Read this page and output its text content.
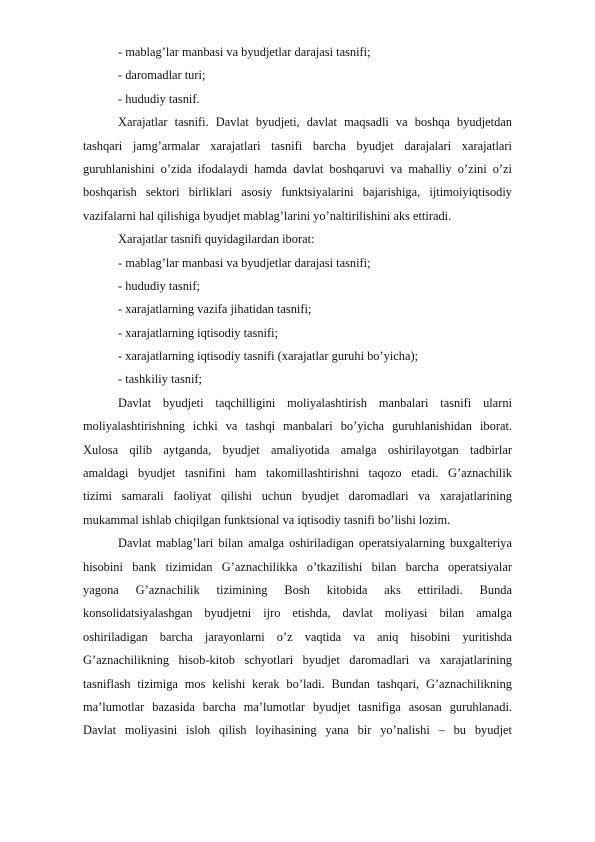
- mablag’lar manbasi va byudjetlar darajasi tasnifi;
- daromadlar turi;
- hududiy tasnif.
Xarajatlar tasnifi. Davlat byudjeti, davlat maqsadli va boshqa byudjetdan
tashqari jamg’armalar xarajatlari tasnifi barcha byudjet darajalari xarajatlari
guruhlanishini o’zida ifodalaydi hamda davlat boshqaruvi va mahalliy o’zini o’zi
boshqarish sektori birliklari asosiy funktsiyalarini bajarishiga, ijtimoiyiqtisodiy
vazifalarni hal qilishiga byudjet mablag’larini yo’naltirilishini aks ettiradi.
Xarajatlar tasnifi quyidagilardan iborat:
- mablag’lar manbasi va byudjetlar darajasi tasnifi;
- hududiy tasnif;
- xarajatlarning vazifa jihatidan tasnifi;
- xarajatlarning iqtisodiy tasnifi;
- xarajatlarning iqtisodiy tasnifi (xarajatlar guruhi bo’yicha);
- tashkiliy tasnif;
Davlat byudjeti taqchilligini moliyalashtirish manbalari tasnifi ularni
moliyalashtirishning ichki va tashqi manbalari bo’yicha guruhlanishidan iborat.
Xulosa qilib aytganda, byudjet amaliyotida amalga oshirilayotgan tadbirlar
amaldagi byudjet tasnifini ham takomillashtirishni taqozo etadi. G’aznachilik
tizimi samarali faoliyat qilishi uchun byudjet daromadlari va xarajatlarining
mukammal ishlab chiqilgan funktsional va iqtisodiy tasnifi bo’lishi lozim.
Davlat mablag’lari bilan amalga oshiriladigan operatsiyalarning buxgalteriya
hisobini bank tizimidan G’aznachilikka o’tkazilishi bilan barcha operatsiyalar
yagona G’aznachilik tizimining Bosh kitobida aks ettiriladi. Bunda
konsolidatsiyalashgan byudjetni ijro etishda, davlat moliyasi bilan amalga
oshiriladigan barcha jarayonlarni o’z vaqtida va aniq hisobini yuritishda
G’aznachilikning hisob-kitob schyotlari byudjet daromadlari va xarajatlarining
tasniflash tizimiga mos kelishi kerak bo’ladi. Bundan tashqari, G’aznachilikning
ma’lumotlar bazasida barcha ma’lumotlar byudjet tasnifiga asosan guruhlanadi.
Davlat moliyasini isloh qilish loyihasining yana bir yo’nalishi – bu byudjet
